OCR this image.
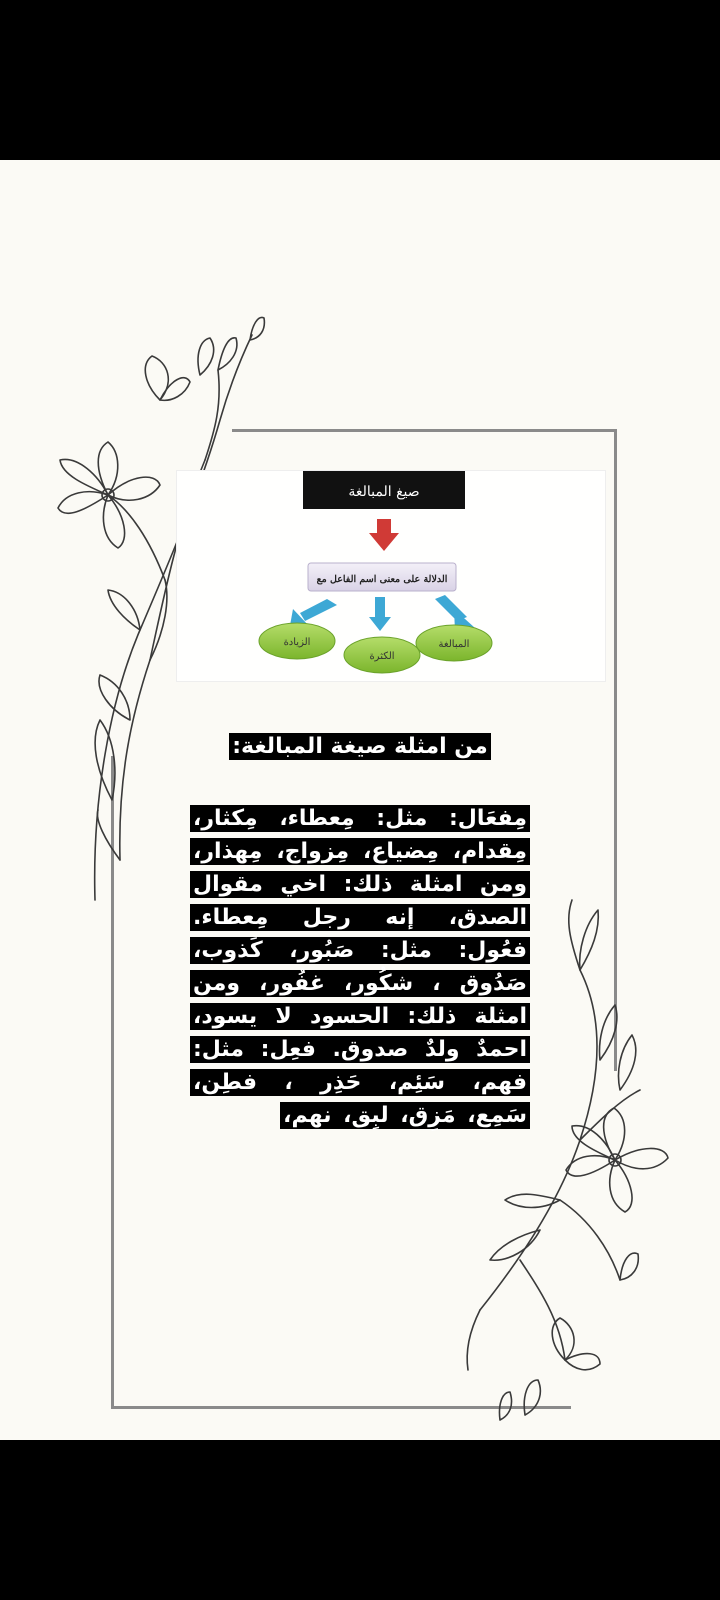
صيغ المبالغة
الدلالة على معنى اسم الفاعل مع
المبالغة
الكثرة
الزيادة

من امثلة صيغة المبالغة:

مِفعَال: مثل: مِعطاء، مِكثار، مِقدام، مِضياع، مِزواج، مِهذار، ومن امثلة ذلك: اخي مقوال الصدق، إنه رجل مِعطاء. فعُول: مثل: صَبُور، كَذوب، صَدُوق ، شكُور، غفُور، ومن امثلة ذلك: الحسود لا يسود، احمدٌ ولدٌ صدوق. فعِل: مثل: فهم، سَئِم، حَذِر ، فطِن، سَمِع، مَزِق، لبِق، نهم،
